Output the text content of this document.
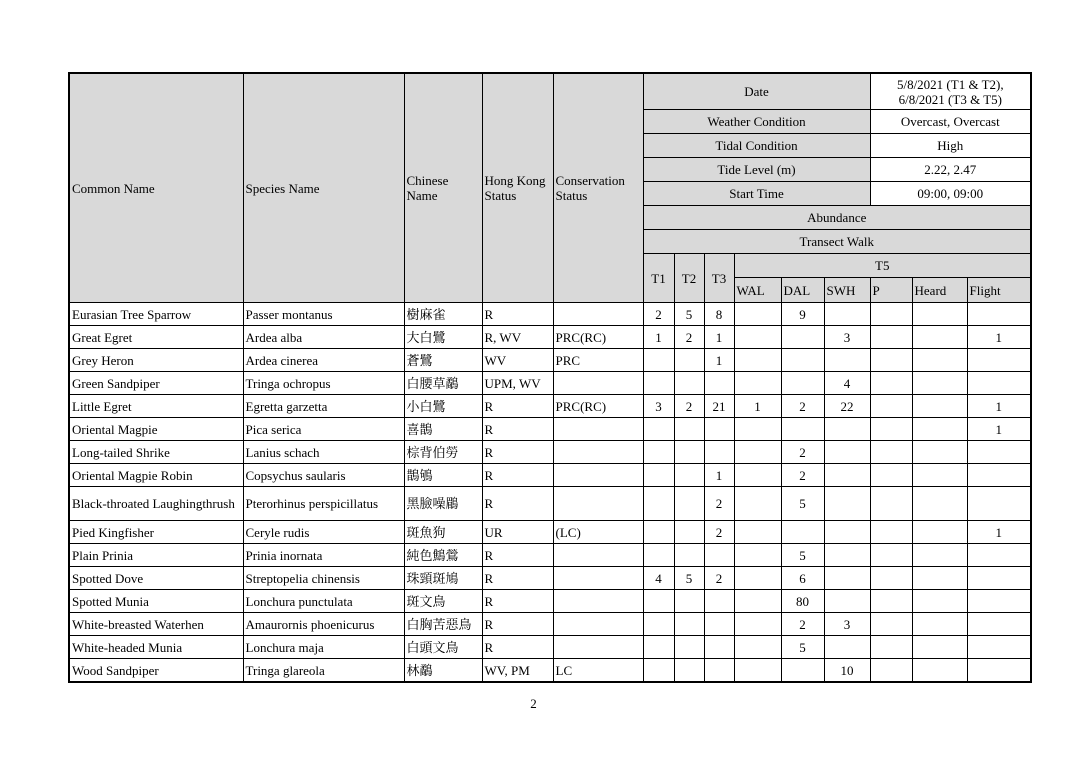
Common Name	Species Name	Chinese Name	Hong Kong Status	Conservation Status	Date						5/8/2021 (T1 & T2), 6/8/2021 (T3 & T5)		
					Weather Condition						Overcast, Overcast		
					Tidal Condition						High		
					Tide Level (m)						2.22, 2.47		
					Start Time						09:00, 09:00		
					Abundance								
					Transect Walk								
					T1	T2	T3	T5					
								WAL	DAL	SWH	P	Heard	Flight
Eurasian Tree Sparrow	Passer montanus	樹麻雀	R		2	5	8		9				
Great Egret	Ardea alba	大白鷺	R, WV	PRC(RC)	1	2	1			3			1
Grey Heron	Ardea cinerea	蒼鷺	WV	PRC			1						
Green Sandpiper	Tringa ochropus	白腰草鷸	UPM, WV							4			
Little Egret	Egretta garzetta	小白鷺	R	PRC(RC)	3	2	21	1	2	22			1
Oriental Magpie	Pica serica	喜鵲	R										1
Long-tailed Shrike	Lanius schach	棕背伯勞	R						2				
Oriental Magpie Robin	Copsychus saularis	鵲鴝	R				1		2				
Black-throated Laughingthrush	Pterorhinus perspicillatus	黑臉噪鶥	R				2		5				
Pied Kingfisher	Ceryle rudis	斑魚狗	UR	(LC)			2						1
Plain Prinia	Prinia inornata	純色鷦鶯	R						5				
Spotted Dove	Streptopelia chinensis	珠頸斑鳩	R		4	5	2		6				
Spotted Munia	Lonchura punctulata	斑文鳥	R						80				
White-breasted Waterhen	Amaurornis phoenicurus	白胸苦惡鳥	R						2	3			
White-headed Munia	Lonchura maja	白頭文鳥	R						5				
Wood Sandpiper	Tringa glareola	林鷸	WV, PM	LC						10			
2
